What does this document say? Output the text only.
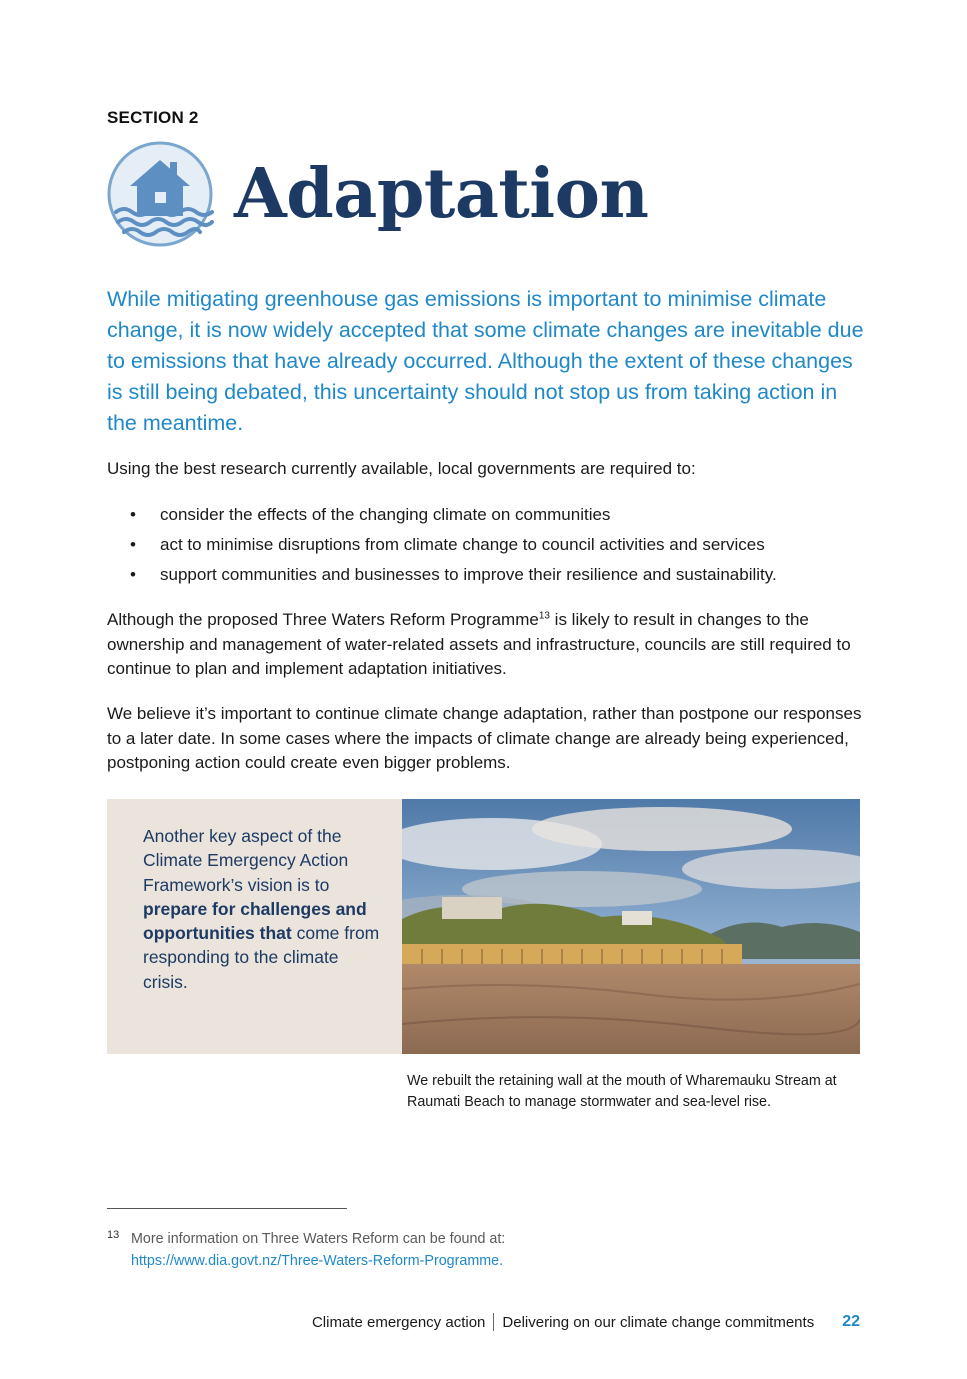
SECTION 2
Adaptation

While mitigating greenhouse gas emissions is important to minimise climate change, it is now widely accepted that some climate changes are inevitable due to emissions that have already occurred. Although the extent of these changes is still being debated, this uncertainty should not stop us from taking action in the meantime.

Using the best research currently available, local governments are required to:

• consider the effects of the changing climate on communities
• act to minimise disruptions from climate change to council activities and services
• support communities and businesses to improve their resilience and sustainability.

Although the proposed Three Waters Reform Programme$^{13}$ is likely to result in changes to the ownership and management of water-related assets and infrastructure, councils are still required to continue to plan and implement adaptation initiatives.

We believe it’s important to continue climate change adaptation, rather than postpone our responses to a later date. In some cases where the impacts of climate change are already being experienced, postponing action could create even bigger problems.

Another key aspect of the Climate Emergency Action Framework’s vision is to prepare for challenges and opportunities that come from responding to the climate crisis.

We rebuilt the retaining wall at the mouth of Wharemauku Stream at Raumati Beach to manage stormwater and sea-level rise.

13 More information on Three Waters Reform can be found at:
https://www.dia.govt.nz/Three-Waters-Reform-Programme.
Climate emergency action Delivering on our climate change commitments 22
